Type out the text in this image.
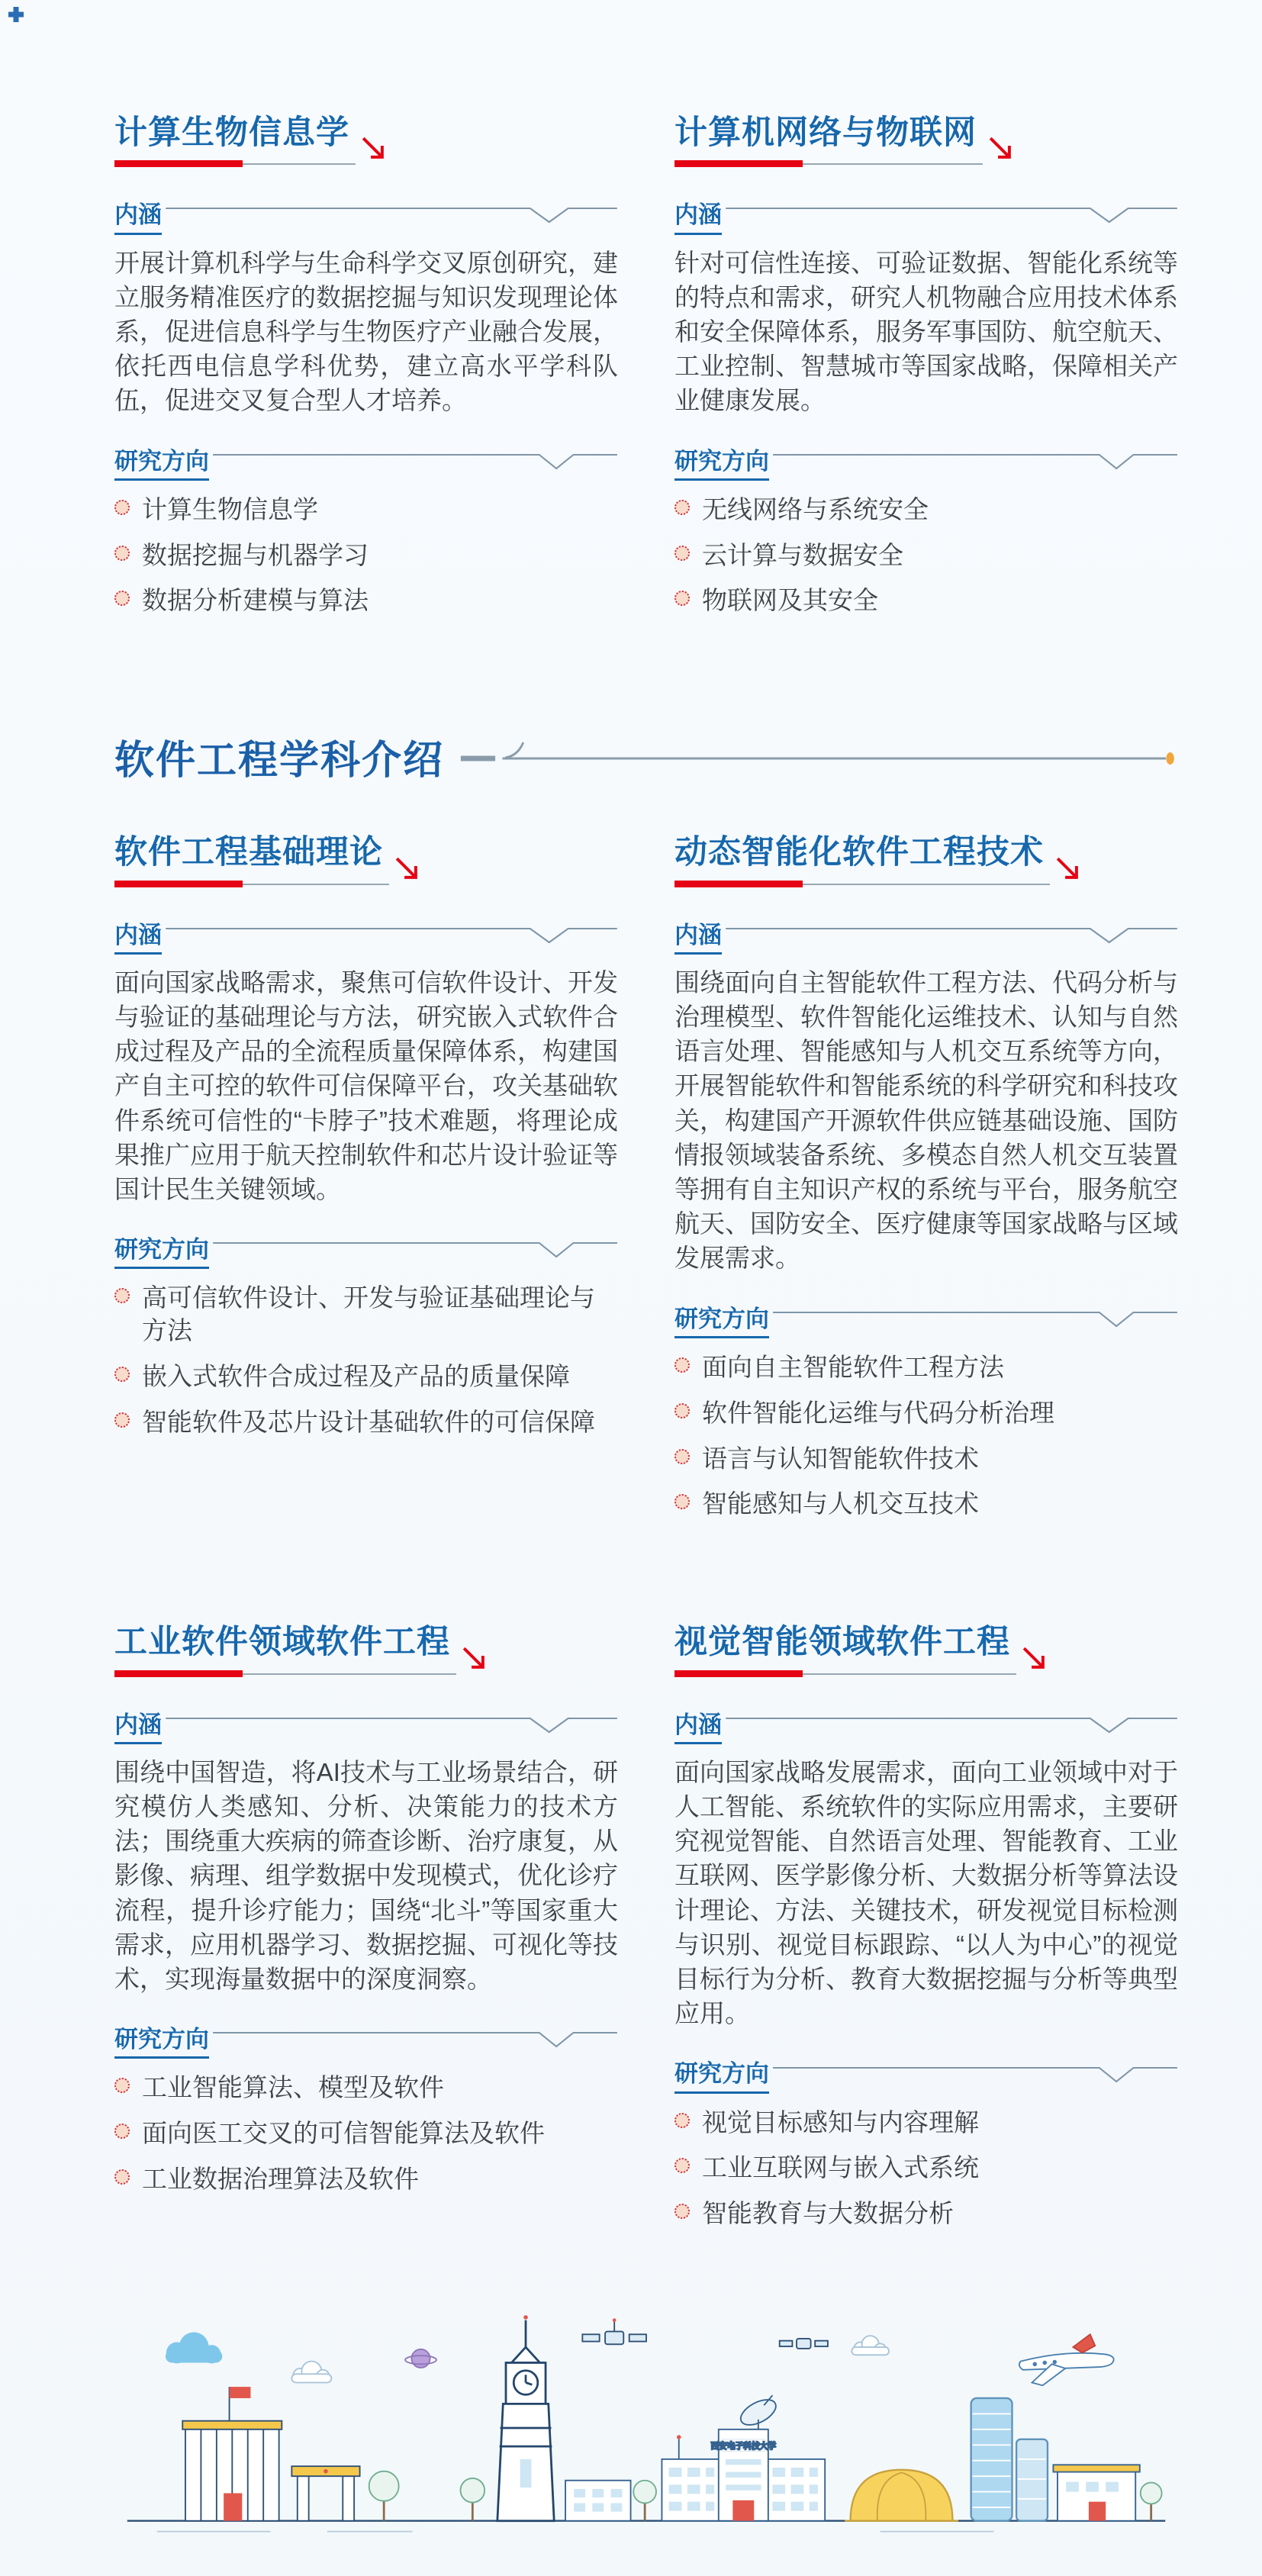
计算生物信息学
内涵

开展计算机科学与生命科学交叉原创研究，建立服务精准医疗的数据挖掘与知识发现理论体系，促进信息科学与生物医疗产业融合发展，依托西电信息学科优势，建立高水平学科队伍，促进交叉复合型人才培养。

研究方向
计算生物信息学
数据挖掘与机器学习
数据分析建模与算法
计算机网络与物联网
内涵

针对可信性连接、可验证数据、智能化系统等的特点和需求，研究人机物融合应用技术体系和安全保障体系，服务军事国防、航空航天、工业控制、智慧城市等国家战略，保障相关产业健康发展。

研究方向
无线网络与系统安全
云计算与数据安全
物联网及其安全
软件工程学科介绍
软件工程基础理论
内涵

面向国家战略需求，聚焦可信软件设计、开发与验证的基础理论与方法，研究嵌入式软件合成过程及产品的全流程质量保障体系，构建国产自主可控的软件可信保障平台，攻关基础软件系统可信性的“卡脖子”技术难题，将理论成果推广应用于航天控制软件和芯片设计验证等国计民生关键领域。

研究方向
高可信软件设计、开发与验证基础理论与方法
嵌入式软件合成过程及产品的质量保障
智能软件及芯片设计基础软件的可信保障
动态智能化软件工程技术
内涵

围绕面向自主智能软件工程方法、代码分析与治理模型、软件智能化运维技术、认知与自然语言处理、智能感知与人机交互系统等方向，开展智能软件和智能系统的科学研究和科技攻关，构建国产开源软件供应链基础设施、国防情报领域装备系统、多模态自然人机交互装置等拥有自主知识产权的系统与平台，服务航空航天、国防安全、医疗健康等国家战略与区域发展需求。

研究方向
面向自主智能软件工程方法
软件智能化运维与代码分析治理
语言与认知智能软件技术
智能感知与人机交互技术
工业软件领域软件工程
内涵

围绕中国智造，将AI技术与工业场景结合，研究模仿人类感知、分析、决策能力的技术方法；围绕重大疾病的筛查诊断、治疗康复，从影像、病理、组学数据中发现模式，优化诊疗流程，提升诊疗能力；国绕“北斗”等国家重大需求，应用机器学习、数据挖掘、可视化等技术，实现海量数据中的深度洞察。

研究方向
工业智能算法、模型及软件
面向医工交叉的可信智能算法及软件
工业数据治理算法及软件
视觉智能领域软件工程
内涵

面向国家战略发展需求，面向工业领域中对于人工智能、系统软件的实际应用需求，主要研究视觉智能、自然语言处理、智能教育、工业互联网、医学影像分析、大数据分析等算法设计理论、方法、关键技术，研发视觉目标检测与识别、视觉目标跟踪、“以人为中心”的视觉目标行为分析、教育大数据挖掘与分析等典型应用。

研究方向
视觉目标感知与内容理解
工业互联网与嵌入式系统
智能教育与大数据分析
西安电子科技大学
